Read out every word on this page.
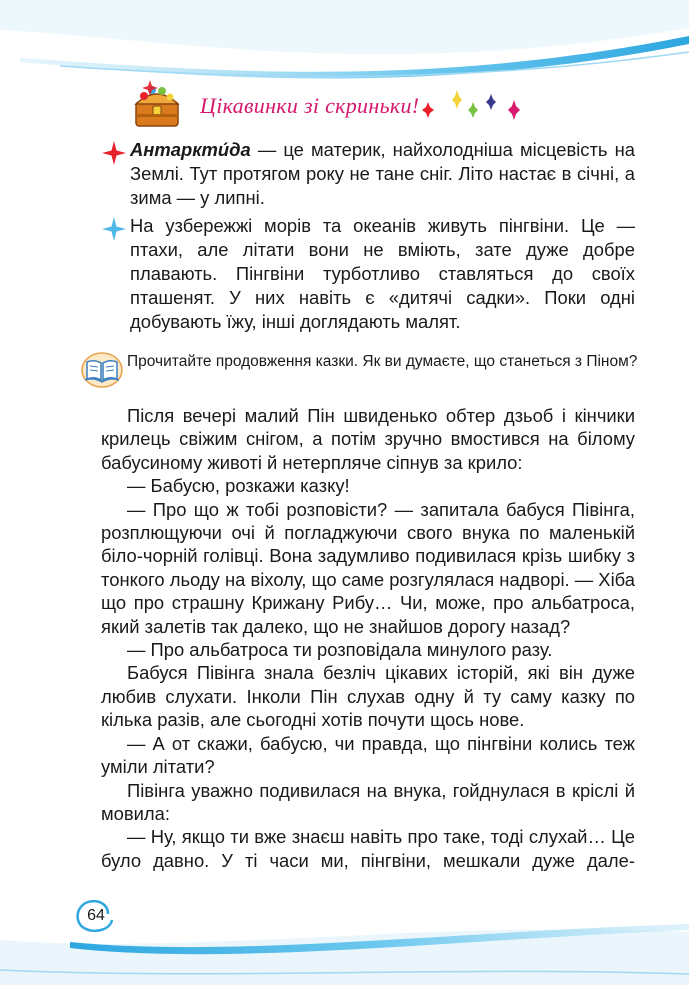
Цікавинки зі скриньки!
Антаркти́да — це материк, найхолодніша місцевість на Землі. Тут протягом року не тане сніг. Літо настає в січні, а зима — у липні.
На узбережжі морів та океанів живуть пінгвіни. Це — птахи, але літати вони не вміють, зате дуже добре плавають. Пінгвіни турботливо ставляться до своїх пташенят. У них навіть є «дитячі садки». Поки одні добувають їжу, інші доглядають малят.
Прочитайте продовження казки. Як ви думаєте, що станеться з Піном?

Після вечері малий Пін швиденько обтер дзьоб і кінчики крилець свіжим снігом, а потім зручно вмостився на білому бабусиному животі й нетерпляче сіпнув за крило:

— Бабусю, розкажи казку!

— Про що ж тобі розповісти? — запитала бабуся Півінга, розплющуючи очі й погладжуючи свого внука по маленькій біло-чорній голівці. Вона задумливо подивилася крізь шибку з тонкого льоду на віхолу, що саме розгулялася надворі. — Хіба що про страшну Крижану Рибу… Чи, може, про альбатроса, який залетів так далеко, що не знайшов дорогу назад?

— Про альбатроса ти розповідала минулого разу.

Бабуся Півінга знала безліч цікавих історій, які він дуже любив слухати. Інколи Пін слухав одну й ту саму казку по кілька разів, але сьогодні хотів почути щось нове.

— А от скажи, бабусю, чи правда, що пінгвіни колись теж уміли літати?

Півінга уважно подивилася на внука, гойднулася в кріслі й мовила:

— Ну, якщо ти вже знаєш навіть про таке, тоді слухай… Це було давно. У ті часи ми, пінгвіни, мешкали дуже дале-

64
